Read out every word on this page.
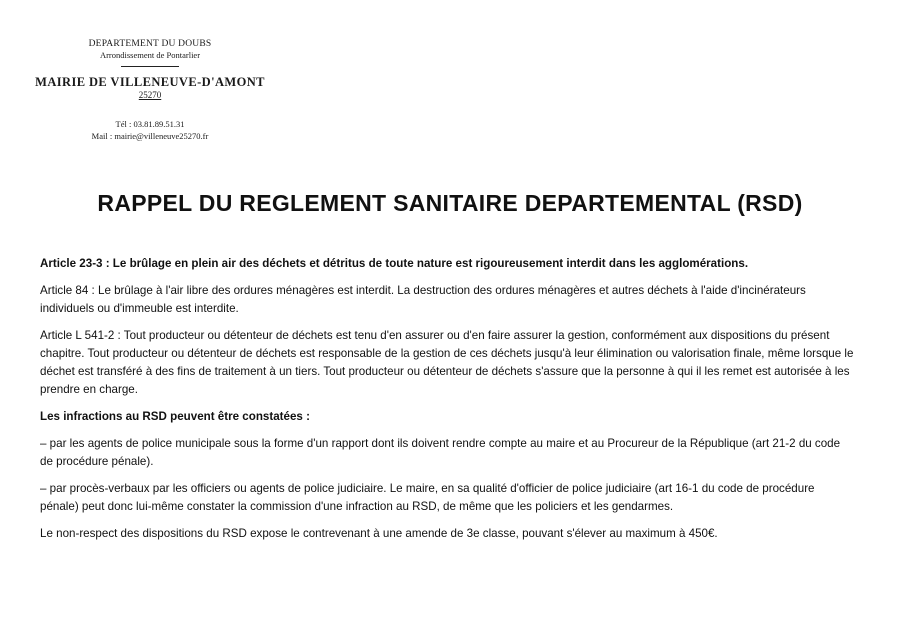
DEPARTEMENT DU DOUBS
Arrondissement de Pontarlier
MAIRIE DE VILLENEUVE-D'AMONT
25270
Tél : 03.81.89.51.31
Mail : mairie@villeneuve25270.fr
RAPPEL DU REGLEMENT SANITAIRE DEPARTEMENTAL (RSD)

Article 23-3 : Le brûlage en plein air des déchets et détritus de toute nature est rigoureusement interdit dans les agglomérations.

Article 84 : Le brûlage à l'air libre des ordures ménagères est interdit. La destruction des ordures ménagères et autres déchets à l'aide d'incinérateurs individuels ou d'immeuble est interdite.

Article L 541-2 : Tout producteur ou détenteur de déchets est tenu d'en assurer ou d'en faire assurer la gestion, conformément aux dispositions du présent chapitre. Tout producteur ou détenteur de déchets est responsable de la gestion de ces déchets jusqu'à leur élimination ou valorisation finale, même lorsque le déchet est transféré à des fins de traitement à un tiers. Tout producteur ou détenteur de déchets s'assure que la personne à qui il les remet est autorisée à les prendre en charge.

Les infractions au RSD peuvent être constatées :

– par les agents de police municipale sous la forme d'un rapport dont ils doivent rendre compte au maire et au Procureur de la République (art 21-2 du code de procédure pénale).

– par procès-verbaux par les officiers ou agents de police judiciaire. Le maire, en sa qualité d'officier de police judiciaire (art 16-1 du code de procédure pénale) peut donc lui-même constater la commission d'une infraction au RSD, de même que les policiers et les gendarmes.

Le non-respect des dispositions du RSD expose le contrevenant à une amende de 3e classe, pouvant s'élever au maximum à 450€.
